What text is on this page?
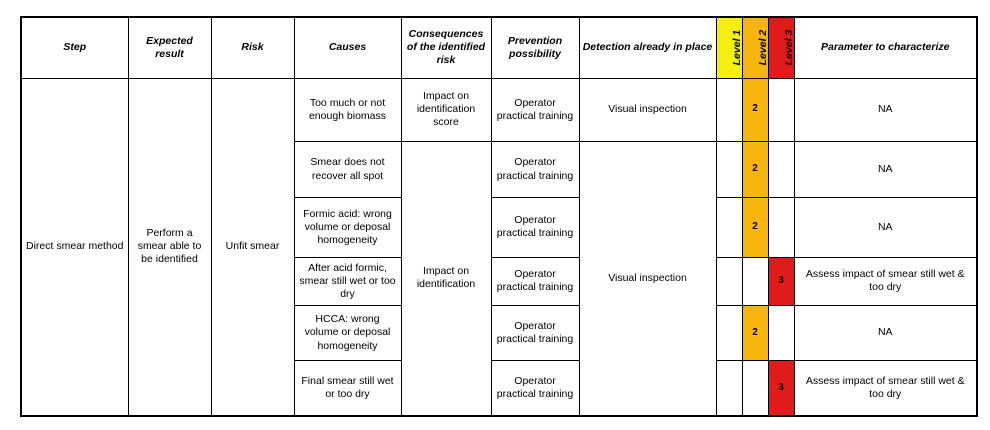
Step	Expected result	Risk	Causes	Consequences of the identified risk	Prevention possibility	Detection already in place	Level 1	Level 2	Level 3	Parameter to characterize
Direct smear method	Perform a smear able to be identified	Unfit smear	Too much or not enough biomass	Impact on identification score	Operator practical training	Visual inspection		2		NA
			Smear does not recover all spot	Impact on identification	Operator practical training	Visual inspection		2		NA
			Formic acid: wrong volume or deposal homogeneity		Operator practical training			2		NA
			After acid formic, smear still wet or too dry		Operator practical training				3	Assess impact of smear still wet & too dry
			HCCA: wrong volume or deposal homogeneity		Operator practical training			2		NA
			Final smear still wet or too dry		Operator practical training				3	Assess impact of smear still wet & too dry
